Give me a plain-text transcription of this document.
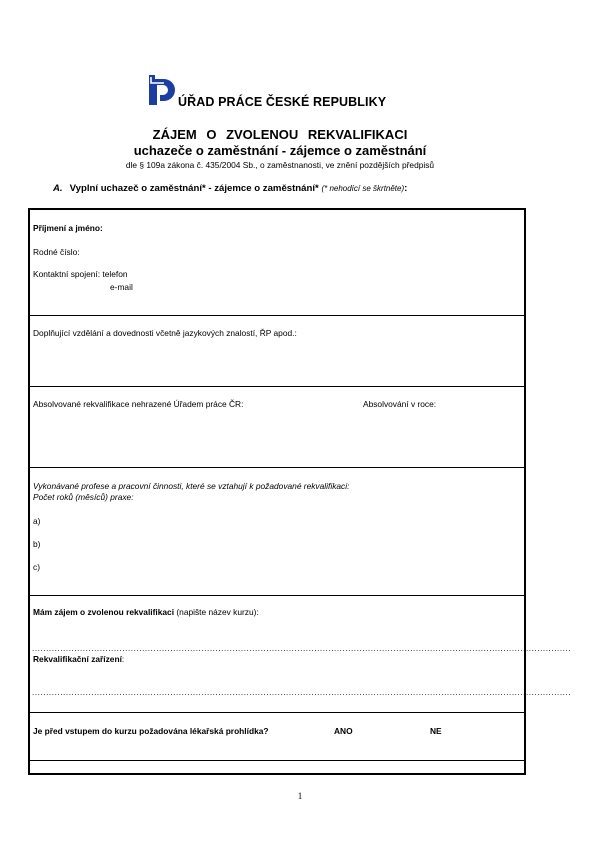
ÚŘAD PRÁCE ČESKÉ REPUBLIKY
ZÁJEM O ZVOLENOU REKVALIFIKACI
uchazeče o zaměstnání - zájemce o zaměstnání
dle § 109a zákona č. 435/2004 Sb., o zaměstnanosti, ve znění pozdějších předpisů
A. Vyplní uchazeč o zaměstnání* - zájemce o zaměstnání* (* nehodící se škrtněte):
Příjmení a jméno:
Rodné číslo:
Kontaktní spojení: telefon
e-mail
Doplňující vzdělání a dovednosti včetně jazykových znalostí, ŘP apod.:
Absolvované rekvalifikace nehrazené Úřadem práce ČR:	Absolvování v roce:
Vykonávané profese a pracovní činnosti, které se vztahují k požadované rekvalifikaci:
Počet roků (měsíců) praxe:
a)
b)
c)
Mám zájem o zvolenou rekvalifikaci (napište název kurzu):
...............................................................................................................................................................................................
Rekvalifikační zařízení:
...............................................................................................................................................................................................
Je před vstupem do kurzu požadována lékařská prohlídka?	ANO	NE
1
